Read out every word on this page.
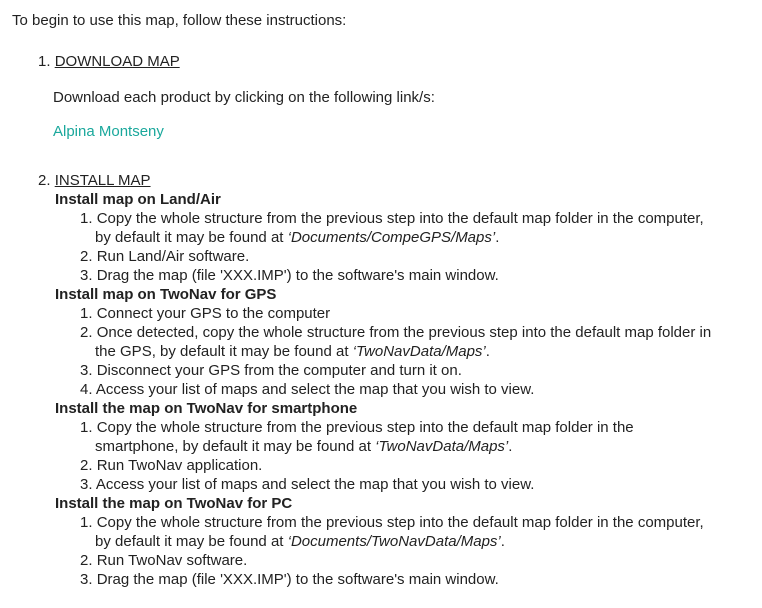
To begin to use this map, follow these instructions:
1. DOWNLOAD MAP
Download each product by clicking on the following link/s:
Alpina Montseny
2. INSTALL MAP
Install map on Land/Air
1. Copy the whole structure from the previous step into the default map folder in the computer,
by default it may be found at ‘Documents/CompeGPS/Maps’.
2. Run Land/Air software.
3. Drag the map (file 'XXX.IMP') to the software's main window.
Install map on TwoNav for GPS
1. Connect your GPS to the computer
2. Once detected, copy the whole structure from the previous step into the default map folder in
the GPS, by default it may be found at ‘TwoNavData/Maps’.
3. Disconnect your GPS from the computer and turn it on.
4. Access your list of maps and select the map that you wish to view.
Install the map on TwoNav for smartphone
1. Copy the whole structure from the previous step into the default map folder in the
smartphone, by default it may be found at ‘TwoNavData/Maps’.
2. Run TwoNav application.
3. Access your list of maps and select the map that you wish to view.
Install the map on TwoNav for PC
1. Copy the whole structure from the previous step into the default map folder in the computer,
by default it may be found at ‘Documents/TwoNavData/Maps’.
2. Run TwoNav software.
3. Drag the map (file 'XXX.IMP') to the software's main window.
